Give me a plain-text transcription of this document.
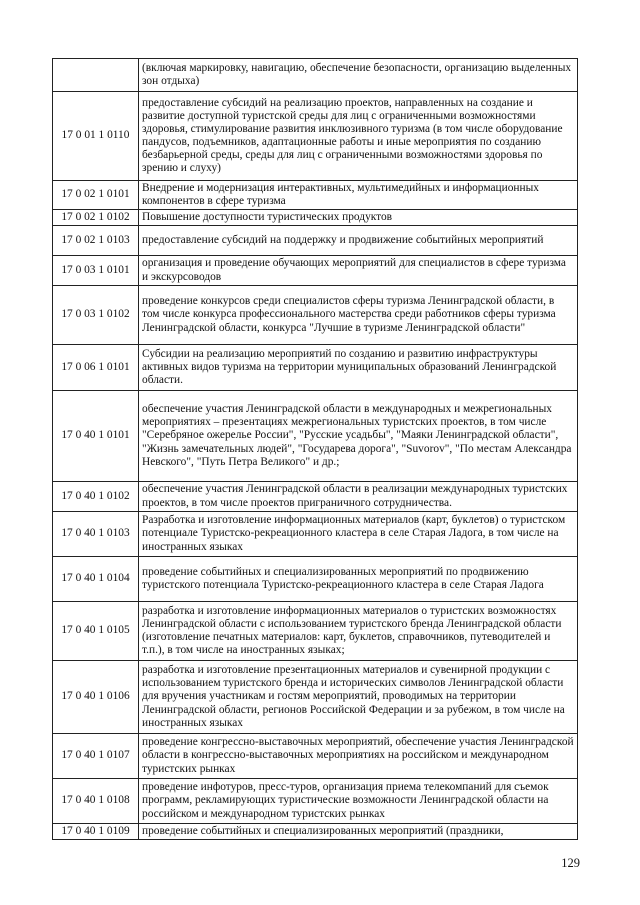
	(включая маркировку, навигацию, обеспечение безопасности, организацию выделенных зон отдыха)
17 0 01 1 0110	предоставление субсидий на реализацию проектов, направленных на создание и развитие доступной туристской среды для лиц с ограниченными возможностями здоровья, стимулирование развития инклюзивного туризма (в том числе оборудование пандусов, подъемников, адаптационные работы и иные мероприятия по созданию безбарьерной среды, среды для лиц с ограниченными возможностями здоровья по зрению и слуху)
17 0 02 1 0101	Внедрение и модернизация интерактивных, мультимедийных и информационных компонентов в сфере туризма
17 0 02 1 0102	Повышение доступности туристических продуктов
17 0 02 1 0103	предоставление субсидий на поддержку и продвижение событийных мероприятий
17 0 03 1 0101	организация и проведение обучающих мероприятий для специалистов в сфере туризма и экскурсоводов
17 0 03 1 0102	проведение конкурсов среди специалистов сферы туризма Ленинградской области, в том числе конкурса профессионального мастерства среди работников сферы туризма Ленинградской области, конкурса "Лучшие в туризме Ленинградской области"
17 0 06 1 0101	Субсидии на реализацию мероприятий по созданию и развитию инфраструктуры активных видов туризма на территории муниципальных образований Ленинградской области.
17 0 40 1 0101	обеспечение участия Ленинградской области в международных и межрегиональных мероприятиях – презентациях межрегиональных туристских проектов, в том числе "Серебряное ожерелье России", "Русские усадьбы", "Маяки Ленинградской области", "Жизнь замечательных людей", "Государева дорога", "Suvorov", "По местам Александра Невского", "Путь Петра Великого" и др.;
17 0 40 1 0102	обеспечение участия Ленинградской области в реализации международных туристских проектов, в том числе проектов приграничного сотрудничества.
17 0 40 1 0103	Разработка и изготовление информационных материалов (карт, буклетов) о туристском потенциале Туристско-рекреационного кластера в селе Старая Ладога, в том числе на иностранных языках
17 0 40 1 0104	проведение событийных и специализированных мероприятий по продвижению туристского потенциала Туристско-рекреационного кластера в селе Старая Ладога
17 0 40 1 0105	разработка и изготовление информационных материалов о туристских возможностях Ленинградской области с использованием туристского бренда Ленинградской области (изготовление печатных материалов: карт, буклетов, справочников, путеводителей и т.п.), в том числе на иностранных языках;
17 0 40 1 0106	разработка и изготовление презентационных материалов и сувенирной продукции с использованием туристского бренда и исторических символов Ленинградской области для вручения участникам и гостям мероприятий, проводимых на территории Ленинградской области, регионов Российской Федерации и за рубежом, в том числе на иностранных языках
17 0 40 1 0107	проведение конгрессно-выставочных мероприятий, обеспечение участия Ленинградской области в конгрессно-выставочных мероприятиях на российском и международном туристских рынках
17 0 40 1 0108	проведение инфотуров, пресс-туров, организация приема телекомпаний для съемок программ, рекламирующих туристические возможности Ленинградской области на российском и международном туристских рынках
17 0 40 1 0109	проведение событийных и специализированных мероприятий (праздники,
129
